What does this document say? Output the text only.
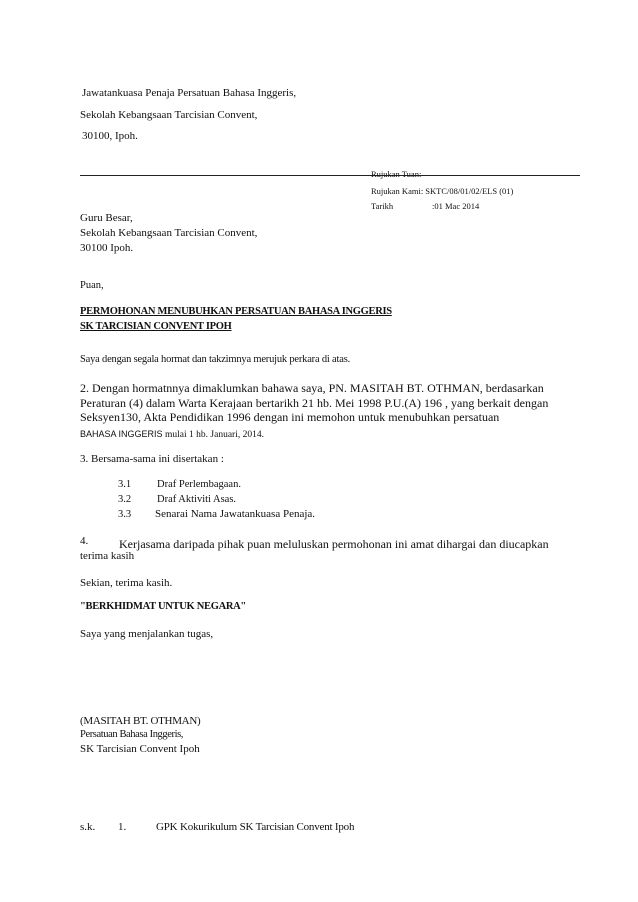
Jawatankuasa Penaja Persatuan Bahasa Inggeris,
Sekolah Kebangsaan Tarcisian Convent,
30100, Ipoh.
Rujukan Tuan:
Rujukan Kami: SKTC/08/01/02/ELS (01)
Tarikh	:01 Mac 2014
Guru Besar,
Sekolah Kebangsaan Tarcisian Convent,
30100 Ipoh.
Puan,
PERMOHONAN MENUBUHKAN PERSATUAN BAHASA INGGERIS
SK TARCISIAN CONVENT IPOH
Saya dengan segala hormat dan takzimnya merujuk perkara di atas.
2. Dengan hormatnnya dimaklumkan bahawa saya, PN. MASITAH BT. OTHMAN, berdasarkan
Peraturan (4) dalam Warta Kerajaan bertarikh 21 hb. Mei 1998 P.U.(A) 196 , yang berkait dengan
Seksyen130, Akta Pendidikan 1996 dengan ini memohon untuk menubuhkan persatuan
BAHASA INGGERIS mulai 1 hb. Januari, 2014.
3. Bersama-sama ini disertakan :
3.1 Draf Perlembagaan.
3.2 Draf Aktiviti Asas.
3.3 Senarai Nama Jawatankuasa Penaja.
4.	Kerjasama daripada pihak puan meluluskan permohonan ini amat dihargai dan diucapkan
terima kasih
Sekian, terima kasih.
"BERKHIDMAT UNTUK NEGARA"
Saya yang menjalankan tugas,
(MASITAH BT. OTHMAN)
Persatuan Bahasa Inggeris,
SK Tarcisian Convent Ipoh
s.k. 1.	GPK Kokurikulum SK Tarcisian Convent Ipoh
